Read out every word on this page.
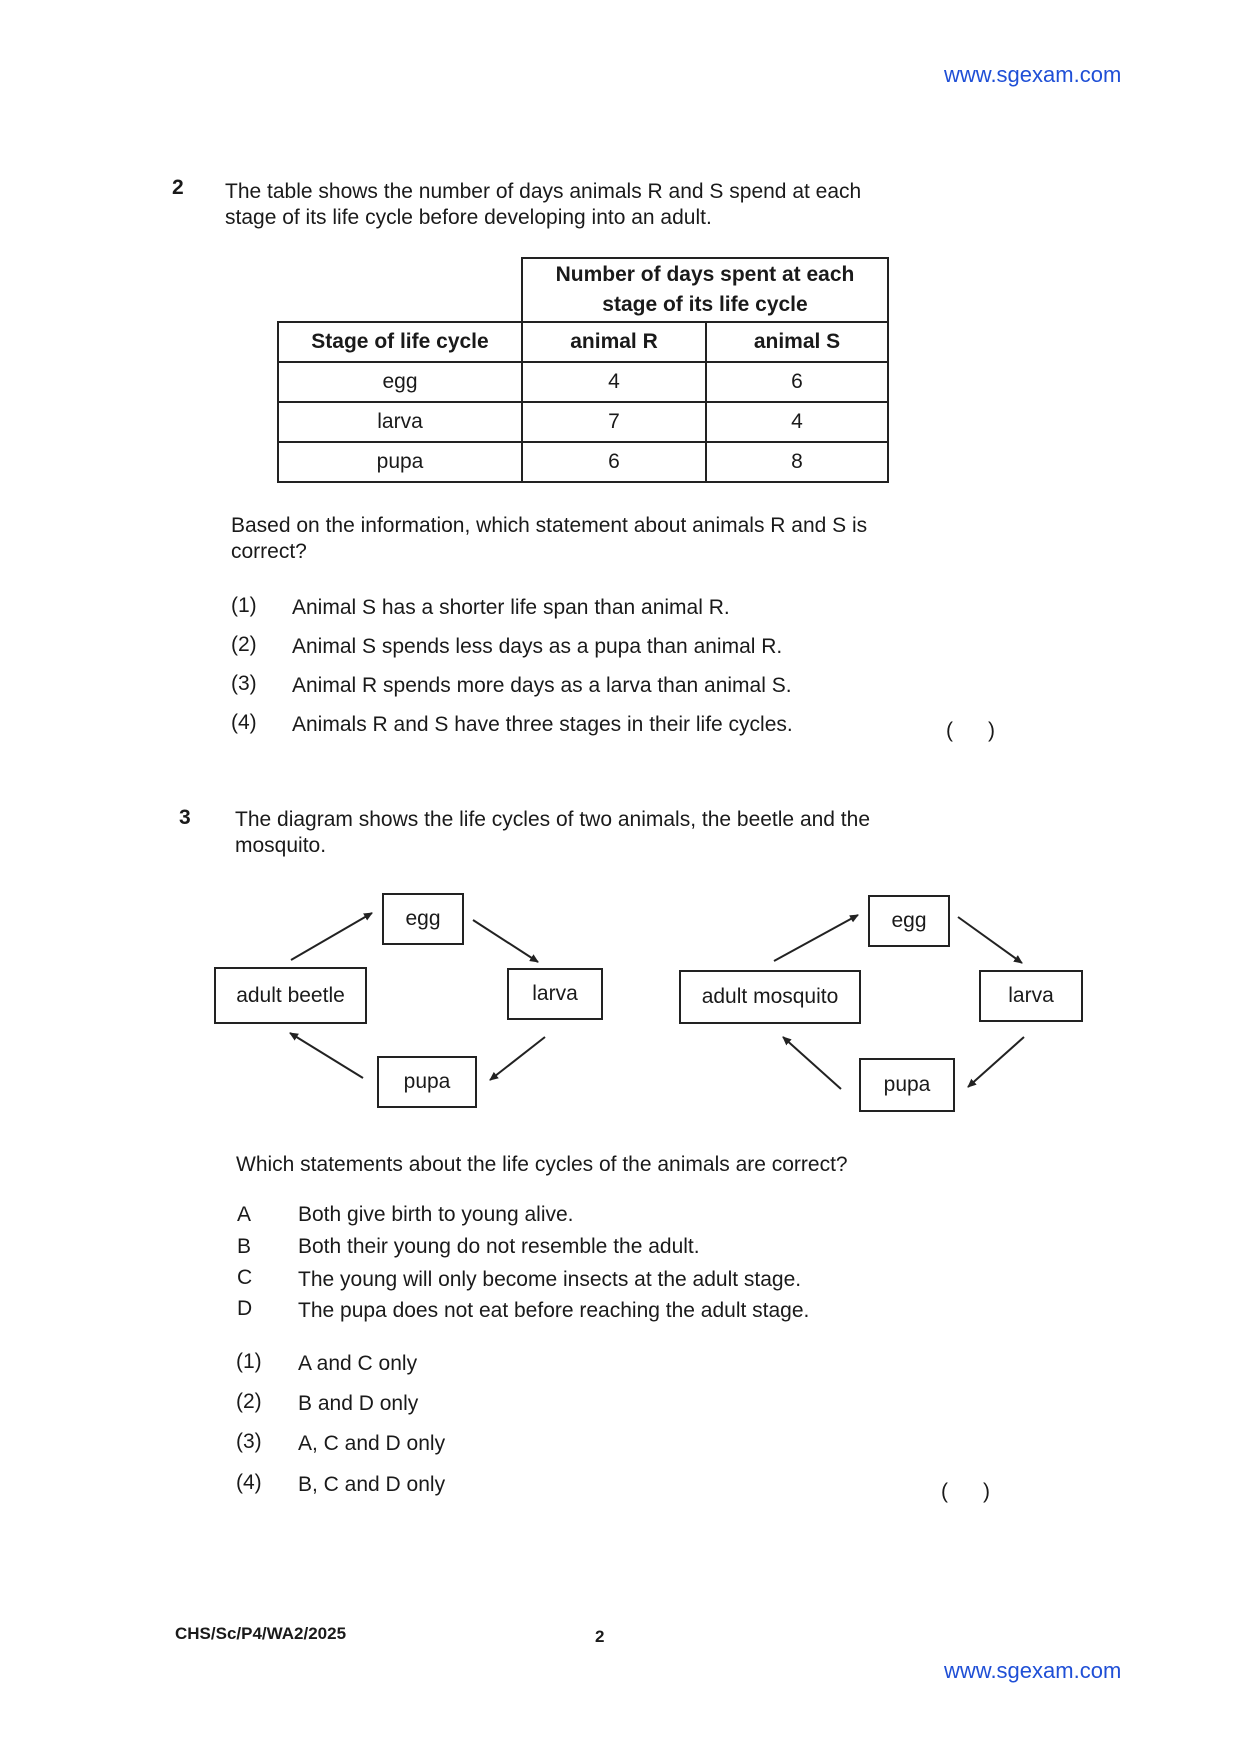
www.sgexam.com
2 The table shows the number of days animals R and S spend at each
stage of its life cycle before developing into an adult.

	Number of days spent at each
stage of its life cycle	

Stage of life cycle	animal R	animal S
egg	4	6
larva	7	4
pupa	6	8
Based on the information, which statement about animals R and S is
correct?
(1) Animal S has a shorter life span than animal R.
(2) Animal S spends less days as a pupa than animal R.
(3) Animal R spends more days as a larva than animal S.
(4) Animals R and S have three stages in their life cycles.	(      )
3 The diagram shows the life cycles of two animals, the beetle and the
mosquito.
egg
adult beetle	larva
pupa
egg
adult mosquito	larva
pupa
Which statements about the life cycles of the animals are correct?
A Both give birth to young alive.
B Both their young do not resemble the adult.
C The young will only become insects at the adult stage.
D The pupa does not eat before reaching the adult stage.
(1) A and C only
(2) B and D only
(3) A, C and D only
(4) B, C and D only	(      )
CHS/Sc/P4/WA2/2025	2
www.sgexam.com
